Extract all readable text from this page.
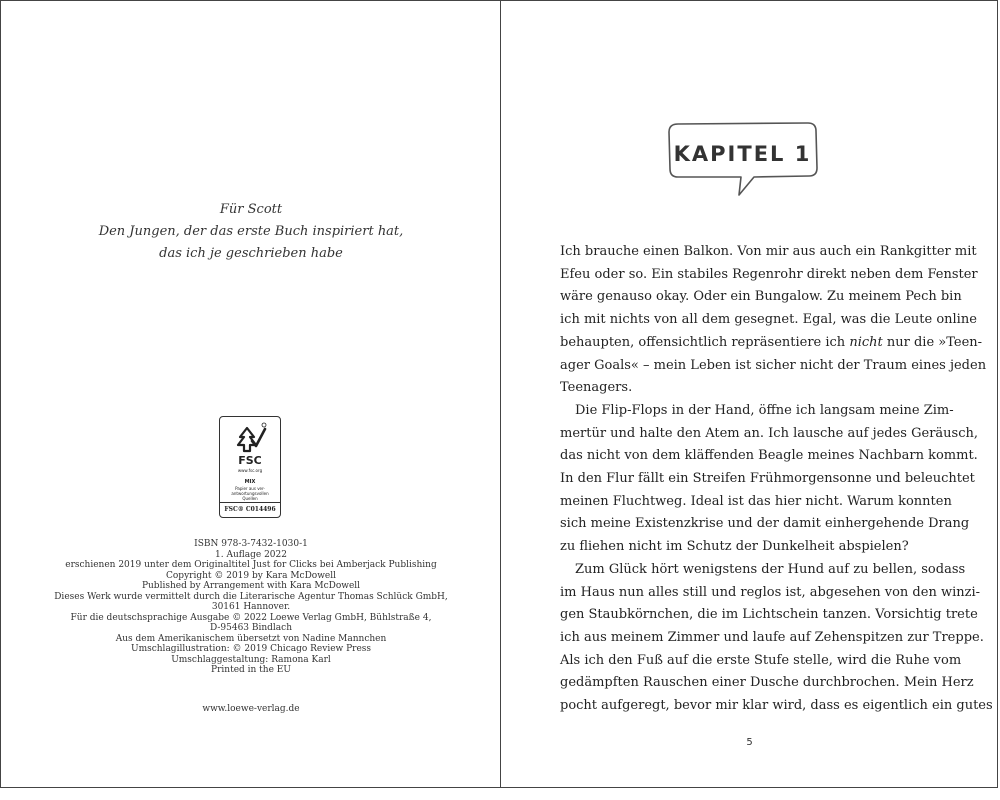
Für Scott
Den Jungen, der das erste Buch inspiriert hat,
das ich je geschrieben habe
FSC
www.fsc.org
MIX
Papier aus ver-
antwortungsvollen
Quellen
FSC® C014496
ISBN 978-3-7432-1030-1
1. Auflage 2022
erschienen 2019 unter dem Originaltitel Just for Clicks bei Amberjack Publishing
Copyright © 2019 by Kara McDowell
Published by Arrangement with Kara McDowell
Dieses Werk wurde vermittelt durch die Literarische Agentur Thomas Schlück GmbH,
30161 Hannover.
Für die deutschsprachige Ausgabe © 2022 Loewe Verlag GmbH, Bühlstraße 4,
D-95463 Bindlach
Aus dem Amerikanischem übersetzt von Nadine Mannchen
Umschlagillustration: © 2019 Chicago Review Press
Umschlaggestaltung: Ramona Karl
Printed in the EU
www.loewe-verlag.de
KAPITEL 1
Ich brauche einen Balkon. Von mir aus auch ein Rankgitter mit
Efeu oder so. Ein stabiles Regenrohr direkt neben dem Fenster
wäre genauso okay. Oder ein Bungalow. Zu meinem Pech bin
ich mit nichts von all dem gesegnet. Egal, was die Leute online
behaupten, offensichtlich repräsentiere ich nicht nur die »Teen-
ager Goals« – mein Leben ist sicher nicht der Traum eines jeden
Teenagers.
Die Flip-Flops in der Hand, öffne ich langsam meine Zim-
mertür und halte den Atem an. Ich lausche auf jedes Geräusch,
das nicht von dem kläffenden Beagle meines Nachbarn kommt.
In den Flur fällt ein Streifen Frühmorgensonne und beleuchtet
meinen Fluchtweg. Ideal ist das hier nicht. Warum konnten
sich meine Existenzkrise und der damit einhergehende Drang
zu fliehen nicht im Schutz der Dunkelheit abspielen?
Zum Glück hört wenigstens der Hund auf zu bellen, sodass
im Haus nun alles still und reglos ist, abgesehen von den winzi-
gen Staubkörnchen, die im Lichtschein tanzen. Vorsichtig trete
ich aus meinem Zimmer und laufe auf Zehenspitzen zur Treppe.
Als ich den Fuß auf die erste Stufe stelle, wird die Ruhe vom
gedämpften Rauschen einer Dusche durchbrochen. Mein Herz
pocht aufgeregt, bevor mir klar wird, dass es eigentlich ein gutes
5
